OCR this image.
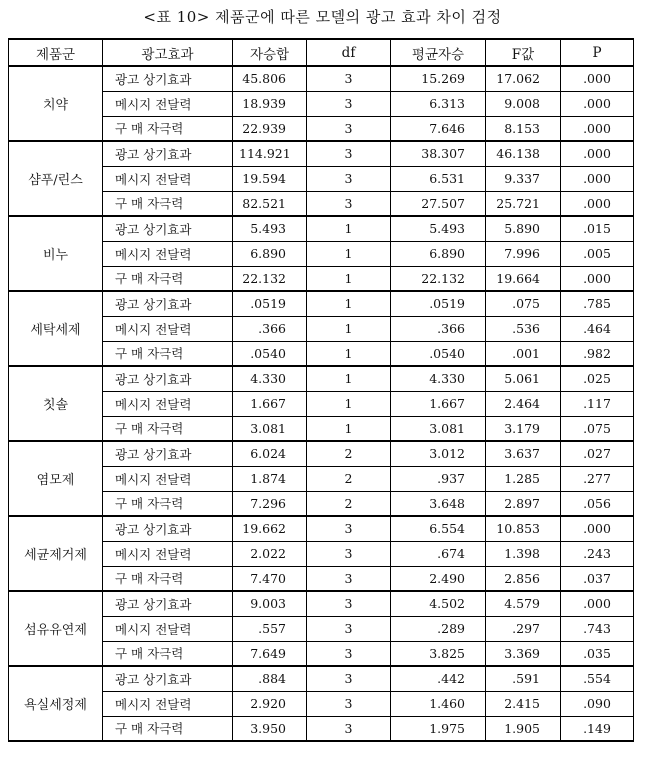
<표 10> 제품군에 따른 모델의 광고 효과 차이 검정
제품군	광고효과	자승합	df	평균자승	F값	P
치약	광고 상기효과	45.806	3	15.269	17.062	.000
	메시지 전달력	18.939	3	6.313	9.008	.000
	구 매 자극력	22.939	3	7.646	8.153	.000
샴푸/린스	광고 상기효과	114.921	3	38.307	46.138	.000
	메시지 전달력	19.594	3	6.531	9.337	.000
	구 매 자극력	82.521	3	27.507	25.721	.000
비누	광고 상기효과	5.493	1	5.493	5.890	.015
	메시지 전달력	6.890	1	6.890	7.996	.005
	구 매 자극력	22.132	1	22.132	19.664	.000
세탁세제	광고 상기효과	.0519	1	.0519	.075	.785
	메시지 전달력	.366	1	.366	.536	.464
	구 매 자극력	.0540	1	.0540	.001	.982
칫솔	광고 상기효과	4.330	1	4.330	5.061	.025
	메시지 전달력	1.667	1	1.667	2.464	.117
	구 매 자극력	3.081	1	3.081	3.179	.075
염모제	광고 상기효과	6.024	2	3.012	3.637	.027
	메시지 전달력	1.874	2	.937	1.285	.277
	구 매 자극력	7.296	2	3.648	2.897	.056
세균제거제	광고 상기효과	19.662	3	6.554	10.853	.000
	메시지 전달력	2.022	3	.674	1.398	.243
	구 매 자극력	7.470	3	2.490	2.856	.037
섬유유연제	광고 상기효과	9.003	3	4.502	4.579	.000
	메시지 전달력	.557	3	.289	.297	.743
	구 매 자극력	7.649	3	3.825	3.369	.035
욕실세정제	광고 상기효과	.884	3	.442	.591	.554
	메시지 전달력	2.920	3	1.460	2.415	.090
	구 매 자극력	3.950	3	1.975	1.905	.149
